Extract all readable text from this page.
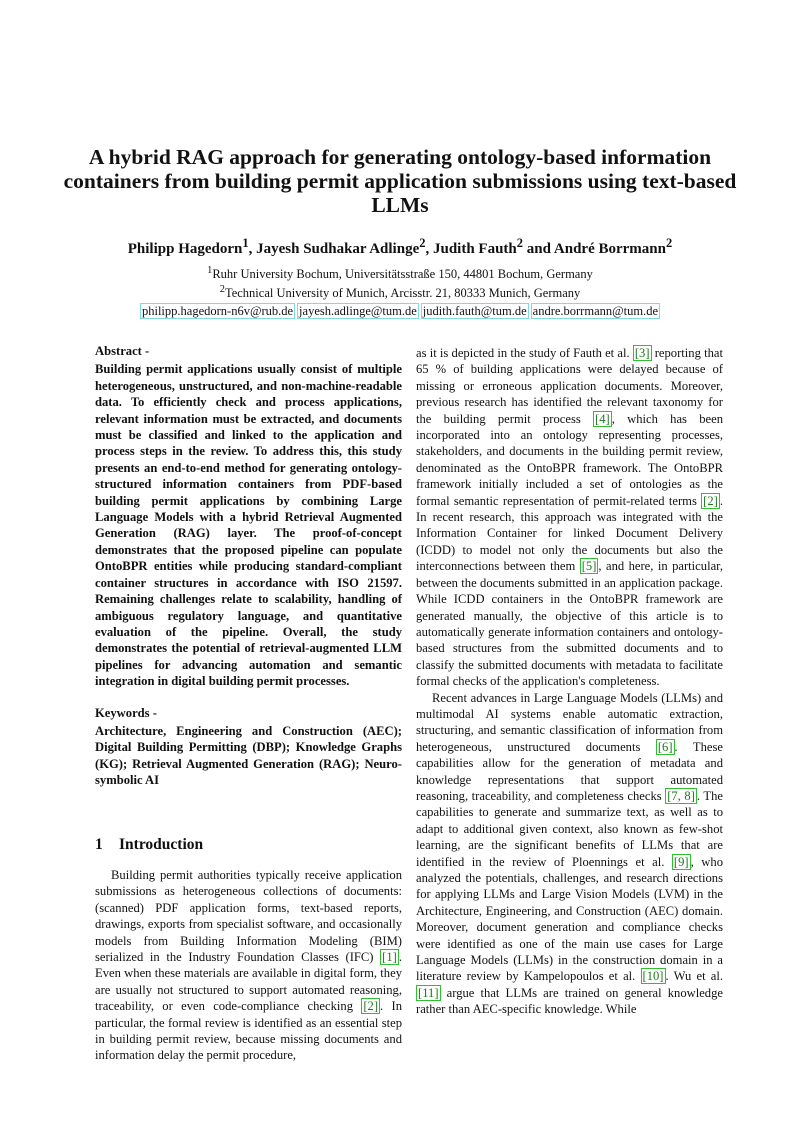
A hybrid RAG approach for generating ontology-based information containers from building permit application submissions using text-based LLMs
Philipp Hagedorn$^1$, Jayesh Sudhakar Adlinge$^2$, Judith Fauth$^2$ and André Borrmann$^2$
$^1$Ruhr University Bochum, Universitätsstraße 150, 44801 Bochum, Germany
$^2$Technical University of Munich, Arcisstr. 21, 80333 Munich, Germany
philipp.hagedorn-n6v@rub.de jayesh.adlinge@tum.de judith.fauth@tum.de andre.borrmann@tum.de
Abstract -

Building permit applications usually consist of multiple heterogeneous, unstructured, and non-machine-readable data. To efficiently check and process applications, relevant information must be extracted, and documents must be classified and linked to the application and process steps in the review. To address this, this study presents an end-to-end method for generating ontology-structured information containers from PDF-based building permit applications by combining Large Language Models with a hybrid Retrieval Augmented Generation (RAG) layer. The proof-of-concept demonstrates that the proposed pipeline can populate OntoBPR entities while producing standard-compliant container structures in accordance with ISO 21597. Remaining challenges relate to scalability, handling of ambiguous regulatory language, and quantitative evaluation of the pipeline. Overall, the study demonstrates the potential of retrieval-augmented LLM pipelines for advancing automation and semantic integration in digital building permit processes.

Keywords -

Architecture, Engineering and Construction (AEC); Digital Building Permitting (DBP); Knowledge Graphs (KG); Retrieval Augmented Generation (RAG); Neuro-symbolic AI

1 Introduction

Building permit authorities typically receive application submissions as heterogeneous collections of documents: (scanned) PDF application forms, text-based reports, drawings, exports from specialist software, and occasionally models from Building Information Modeling (BIM) serialized in the Industry Foundation Classes (IFC) [1] . Even when these materials are available in digital form, they are usually not structured to support automated reasoning, traceability, or even code-compliance checking [2] . In particular, the formal review is identified as an essential step in building permit review, because missing documents and information delay the permit procedure,

as it is depicted in the study of Fauth et al. [3] reporting that 65 % of building applications were delayed because of missing or erroneous application documents. Moreover, previous research has identified the relevant taxonomy for the building permit process [4] , which has been incorporated into an ontology representing processes, stakeholders, and documents in the building permit review, denominated as the OntoBPR framework. The OntoBPR framework initially included a set of ontologies as the formal semantic representation of permit-related terms [2] . In recent research, this approach was integrated with the Information Container for linked Document Delivery (ICDD) to model not only the documents but also the interconnections between them [5] , and here, in particular, between the documents submitted in an application package. While ICDD containers in the OntoBPR framework are generated manually, the objective of this article is to automatically generate information containers and ontology-based structures from the submitted documents and to classify the submitted documents with metadata to facilitate formal checks of the application's completeness.

Recent advances in Large Language Models (LLMs) and multimodal AI systems enable automatic extraction, structuring, and semantic classification of information from heterogeneous, unstructured documents [6] . These capabilities allow for the generation of metadata and knowledge representations that support automated reasoning, traceability, and completeness checks [7, 8] . The capabilities to generate and summarize text, as well as to adapt to additional given context, also known as few-shot learning, are the significant benefits of LLMs that are identified in the review of Ploennings et al. [9] , who analyzed the potentials, challenges, and research directions for applying LLMs and Large Vision Models (LVM) in the Architecture, Engineering, and Construction (AEC) domain. Moreover, document generation and compliance checks were identified as one of the main use cases for Large Language Models (LLMs) in the construction domain in a literature review by Kampelopoulos et al. [10] . Wu et al. [11] argue that LLMs are trained on general knowledge rather than AEC-specific knowledge. While
